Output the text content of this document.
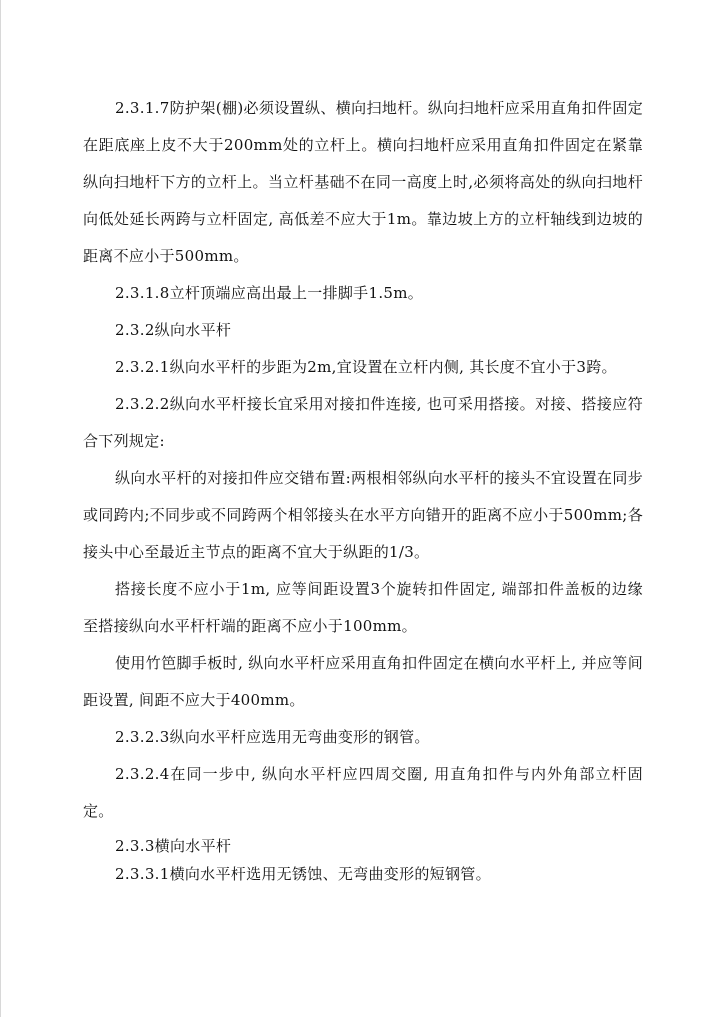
2.3.1.7防护架(棚)必须设置纵、横向扫地杆。纵向扫地杆应采用直角扣件固定在距底座上皮不大于200mm处的立杆上。横向扫地杆应采用直角扣件固定在紧靠纵向扫地杆下方的立杆上。当立杆基础不在同一高度上时,必须将高处的纵向扫地杆向低处延长两跨与立杆固定, 高低差不应大于1m。靠边坡上方的立杆轴线到边坡的距离不应小于500mm。

2.3.1.8立杆顶端应高出最上一排脚手1.5m。

2.3.2纵向水平杆

2.3.2.1纵向水平杆的步距为2m,宜设置在立杆内侧, 其长度不宜小于3跨。

2.3.2.2纵向水平杆接长宜采用对接扣件连接, 也可采用搭接。对接、搭接应符合下列规定:

纵向水平杆的对接扣件应交错布置:两根相邻纵向水平杆的接头不宜设置在同步或同跨内;不同步或不同跨两个相邻接头在水平方向错开的距离不应小于500mm;各接头中心至最近主节点的距离不宜大于纵距的1/3。

搭接长度不应小于1m, 应等间距设置3个旋转扣件固定, 端部扣件盖板的边缘至搭接纵向水平杆杆端的距离不应小于100mm。

使用竹笆脚手板时, 纵向水平杆应采用直角扣件固定在横向水平杆上, 并应等间距设置, 间距不应大于400mm。

2.3.2.3纵向水平杆应选用无弯曲变形的钢管。

2.3.2.4在同一步中, 纵向水平杆应四周交圈, 用直角扣件与内外角部立杆固定。

2.3.3横向水平杆

2.3.3.1横向水平杆选用无锈蚀、无弯曲变形的短钢管。
